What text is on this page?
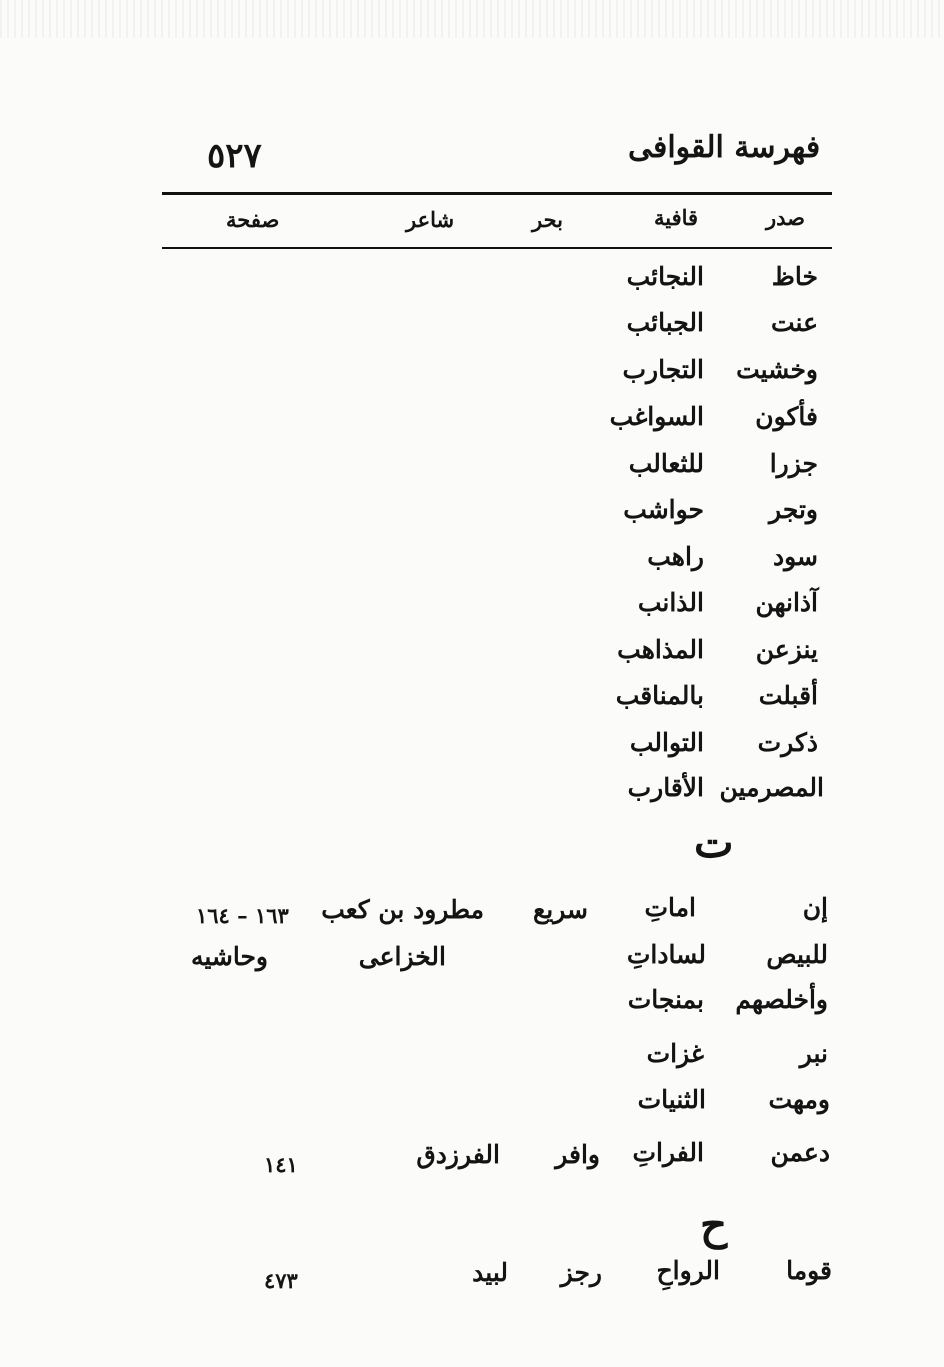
فهرسة القوافى
٥٢٧
صدر
قافية
بحر
شاعر
صفحة
خاظ
النجائب
عنت
الجبائب
وخشيت
التجارب
فأكون
السواغب
جزرا
للثعالب
وتجر
حواشب
سود
راهب
آذانهن
الذانب
ينزعن
المذاهب
أقبلت
بالمناقب
ذكرت
التوالب
المصرمين
الأقارب
ت
إن
اماتِ
سريع
مطرود بن كعب
١٦٣ – ١٦٤
للبيص
لساداتِ
الخزاعى
وحاشيه
وأخلصهم
بمنجات
نبر
غزات
ومهت
الثنيات
دعمن
الفراتِ
وافر
الفرزدق
١٤١
ح
قوما
الرواحِ
رجز
لبيد
٤٧٣
